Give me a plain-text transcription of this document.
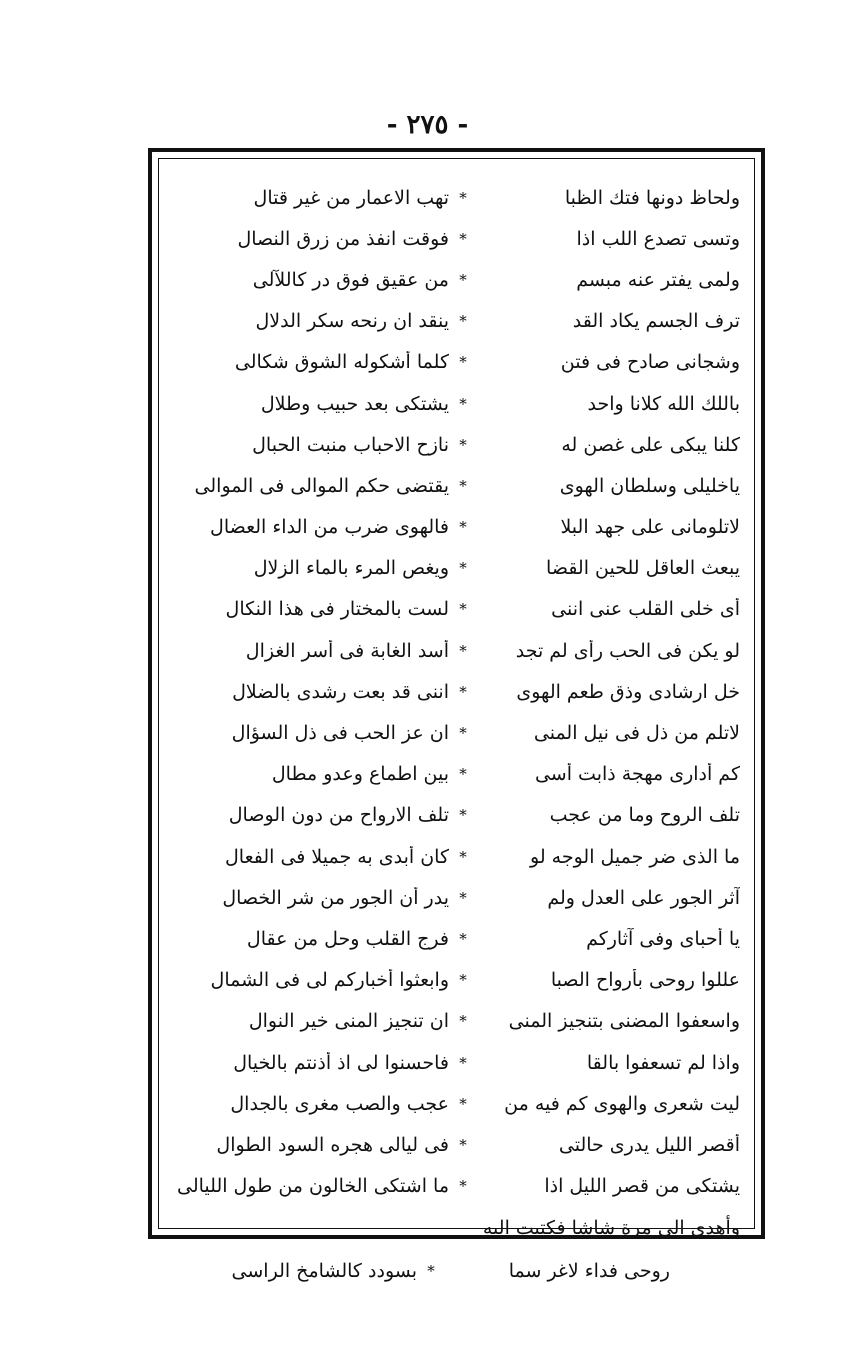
- ٢٧٥ -
ولحاظ دونها فتك الظبا
*
تهب الاعمار من غير قتال
وتسى تصدع اللب اذا
*
فوقت انفذ من زرق النصال
ولمى يفتر عنه مبسم
*
من عقيق فوق در كاللآلى
ترف الجسم يكاد القد
*
ينقد ان رنحه سكر الدلال
وشجانى صادح فى فتن
*
كلما أشكوله الشوق شكالى
باللك الله كلانا واحد
*
يشتكى بعد حبيب وطلال
كلنا يبكى على غصن له
*
نازح الاحباب منبت الحبال
ياخليلى وسلطان الهوى
*
يقتضى حكم الموالى فى الموالى
لاتلومانى على جهد البلا
*
فالهوى ضرب من الداء العضال
يبعث العاقل للحين القضا
*
ويغص المرء بالماء الزلال
أى خلى القلب عنى اننى
*
لست بالمختار فى هذا النكال
لو يكن فى الحب رأى لم تجد
*
أسد الغابة فى أسر الغزال
خل ارشادى وذق طعم الهوى
*
اننى قد بعت رشدى بالضلال
لاتلم من ذل فى نيل المنى
*
ان عز الحب فى ذل السؤال
كم أدارى مهجة ذابت أسى
*
بين اطماع وعدو مطال
تلف الروح وما من عجب
*
تلف الارواح من دون الوصال
ما الذى ضر جميل الوجه لو
*
كان أبدى به جميلا فى الفعال
آثر الجور على العدل ولم
*
يدر أن الجور من شر الخصال
يا أحباى وفى آثاركم
*
فرج القلب وحل من عقال
عللوا روحى بأرواح الصبا
*
وابعثوا أخباركم لى فى الشمال
واسعفوا المضنى بتنجيز المنى
*
ان تنجيز المنى خير النوال
واذا لم تسعفوا بالقا
*
فاحسنوا لى اذ أذنتم بالخيال
ليت شعرى والهوى كم فيه من
*
عجب والصب مغرى بالجدال
أقصر الليل يدرى حالتى
*
فى ليالى هجره السود الطوال
يشتكى من قصر الليل اذا
*
ما اشتكى الخالون من طول الليالى
وأهدى الى مرة شاشا فكتبت اليه
روحى فداء لاغر سما
*
بسودد كالشامخ الراسى
